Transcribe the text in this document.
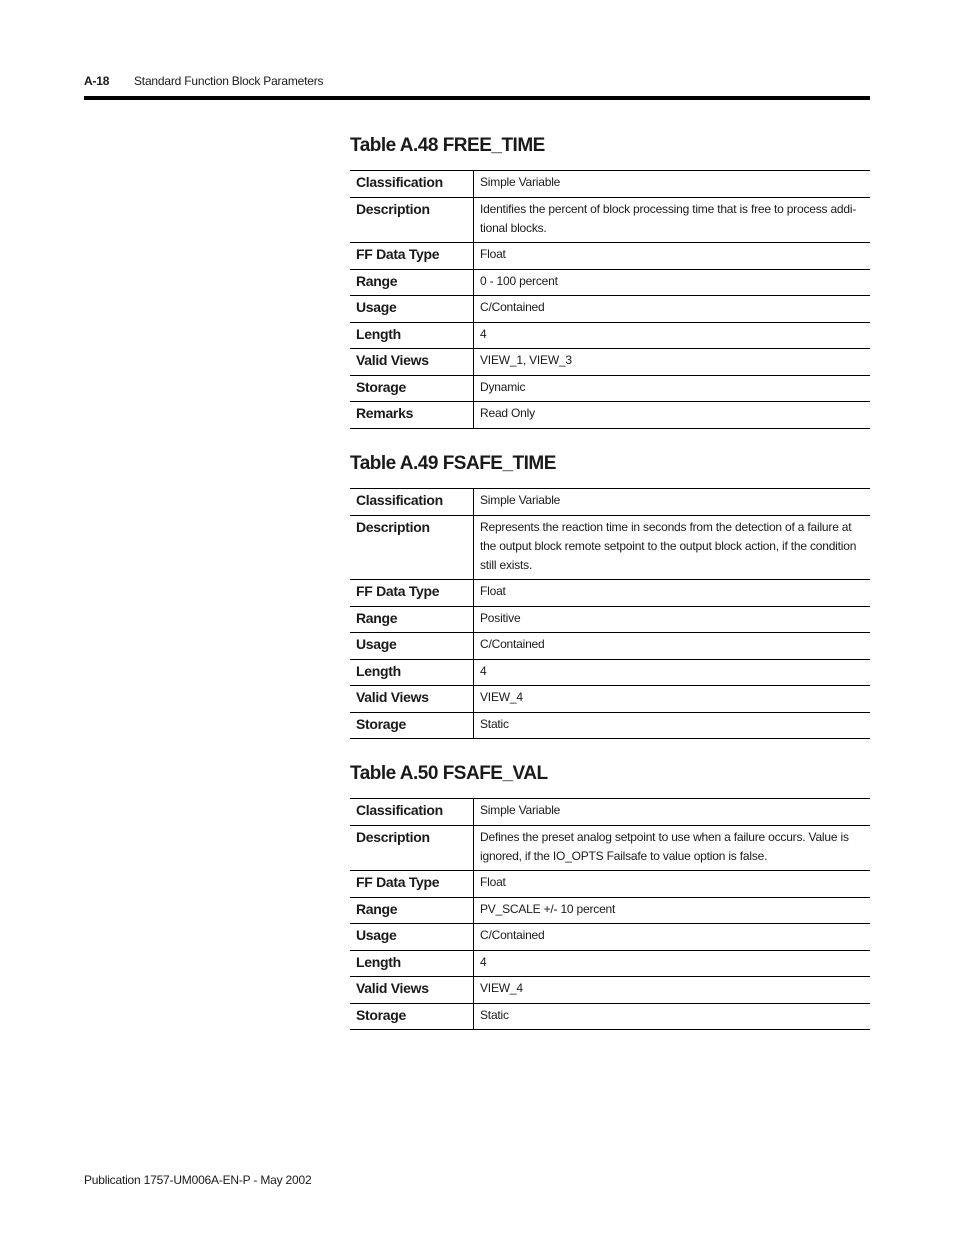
A-18 Standard Function Block Parameters
Table A.48 FREE_TIME
Classification	Simple Variable
Description	Identifies the percent of block processing time that is free to process addi-tional blocks.
FF Data Type	Float
Range	0 - 100 percent
Usage	C/Contained
Length	4
Valid Views	VIEW_1, VIEW_3
Storage	Dynamic
Remarks	Read Only
Table A.49 FSAFE_TIME
Classification	Simple Variable
Description	Represents the reaction time in seconds from the detection of a failure at the output block remote setpoint to the output block action, if the condition still exists.
FF Data Type	Float
Range	Positive
Usage	C/Contained
Length	4
Valid Views	VIEW_4
Storage	Static
Table A.50 FSAFE_VAL
Classification	Simple Variable
Description	Defines the preset analog setpoint to use when a failure occurs. Value is ignored, if the IO_OPTS Failsafe to value option is false.
FF Data Type	Float
Range	PV_SCALE +/- 10 percent
Usage	C/Contained
Length	4
Valid Views	VIEW_4
Storage	Static
Publication 1757-UM006A-EN-P - May 2002
